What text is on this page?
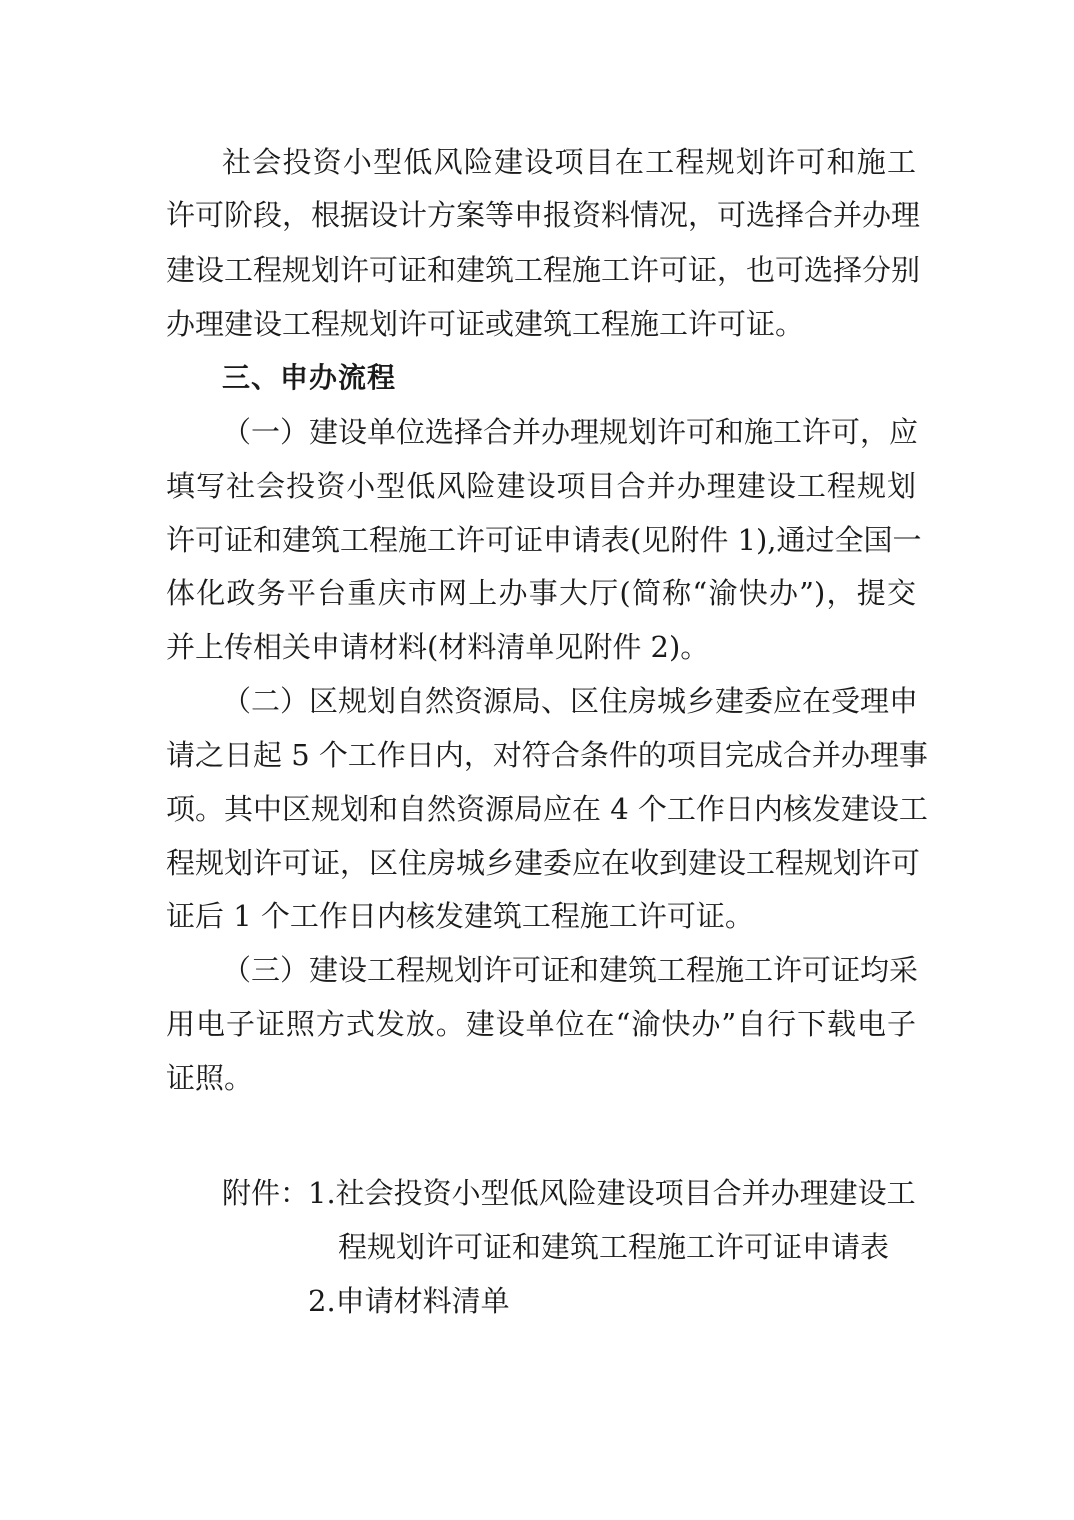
社会投资小型低风险建设项目在工程规划许可和施工
许可阶段，根据设计方案等申报资料情况，可选择合并办理
建设工程规划许可证和建筑工程施工许可证，也可选择分别
办理建设工程规划许可证或建筑工程施工许可证。
三、申办流程
（一）建设单位选择合并办理规划许可和施工许可，应
填写社会投资小型低风险建设项目合并办理建设工程规划
许可证和建筑工程施工许可证申请表(见附件 1),通过全国一
体化政务平台重庆市网上办事大厅(简称“渝快办”)，提交
并上传相关申请材料(材料清单见附件 2)。
（二）区规划自然资源局、区住房城乡建委应在受理申
请之日起 5 个工作日内，对符合条件的项目完成合并办理事
项。其中区规划和自然资源局应在 4 个工作日内核发建设工
程规划许可证，区住房城乡建委应在收到建设工程规划许可
证后 1 个工作日内核发建筑工程施工许可证。
（三）建设工程规划许可证和建筑工程施工许可证均采
用电子证照方式发放。建设单位在“渝快办”自行下载电子
证照。
附件：
1.社会投资小型低风险建设项目合并办理建设工
程规划许可证和建筑工程施工许可证申请表
2.申请材料清单
